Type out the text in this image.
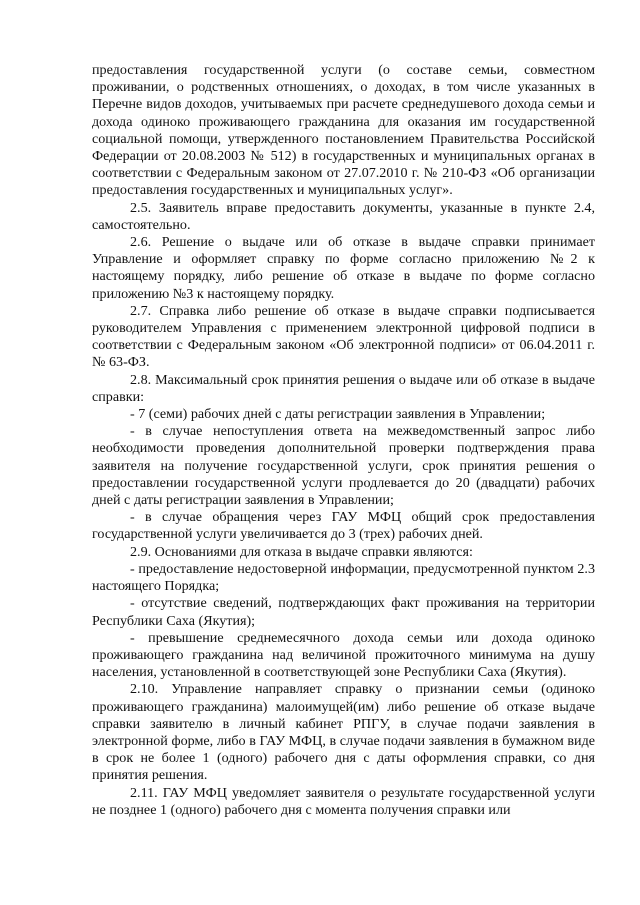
предоставления государственной услуги (о составе семьи, совместном проживании, о родственных отношениях, о доходах, в том числе указанных в Перечне видов доходов, учитываемых при расчете среднедушевого дохода семьи и дохода одиноко проживающего гражданина для оказания им государственной социальной помощи, утвержденного постановлением Правительства Российской Федерации от 20.08.2003 № 512) в государственных и муниципальных органах в соответствии с Федеральным законом от 27.07.2010 г. № 210-ФЗ «Об организации предоставления государственных и муниципальных услуг».

2.5. Заявитель вправе предоставить документы, указанные в пункте 2.4, самостоятельно.

2.6. Решение о выдаче или об отказе в выдаче справки принимает Управление и оформляет справку по форме согласно приложению №2 к настоящему порядку, либо решение об отказе в выдаче по форме согласно приложению №3 к настоящему порядку.

2.7. Справка либо решение об отказе в выдаче справки подписывается руководителем Управления с применением электронной цифровой подписи в соответствии с Федеральным законом «Об электронной подписи» от 06.04.2011 г. № 63-ФЗ.

2.8. Максимальный срок принятия решения о выдаче или об отказе в выдаче справки:

- 7 (семи) рабочих дней с даты регистрации заявления в Управлении;

- в случае непоступления ответа на межведомственный запрос либо необходимости проведения дополнительной проверки подтверждения права заявителя на получение государственной услуги, срок принятия решения о предоставлении государственной услуги продлевается до 20 (двадцати) рабочих дней с даты регистрации заявления в Управлении;

- в случае обращения через ГАУ МФЦ общий срок предоставления государственной услуги увеличивается до 3 (трех) рабочих дней.

2.9. Основаниями для отказа в выдаче справки являются:

- предоставление недостоверной информации, предусмотренной пунктом 2.3 настоящего Порядка;

- отсутствие сведений, подтверждающих факт проживания на территории Республики Саха (Якутия);

- превышение среднемесячного дохода семьи или дохода одиноко проживающего гражданина над величиной прожиточного минимума на душу населения, установленной в соответствующей зоне Республики Саха (Якутия).

2.10. Управление направляет справку о признании семьи (одиноко проживающего гражданина) малоимущей(им) либо решение об отказе выдаче справки заявителю в личный кабинет РПГУ, в случае подачи заявления в электронной форме, либо в ГАУ МФЦ, в случае подачи заявления в бумажном виде в срок не более 1 (одного) рабочего дня с даты оформления справки, со дня принятия решения.

2.11. ГАУ МФЦ уведомляет заявителя о результате государственной услуги не позднее 1 (одного) рабочего дня с момента получения справки или
